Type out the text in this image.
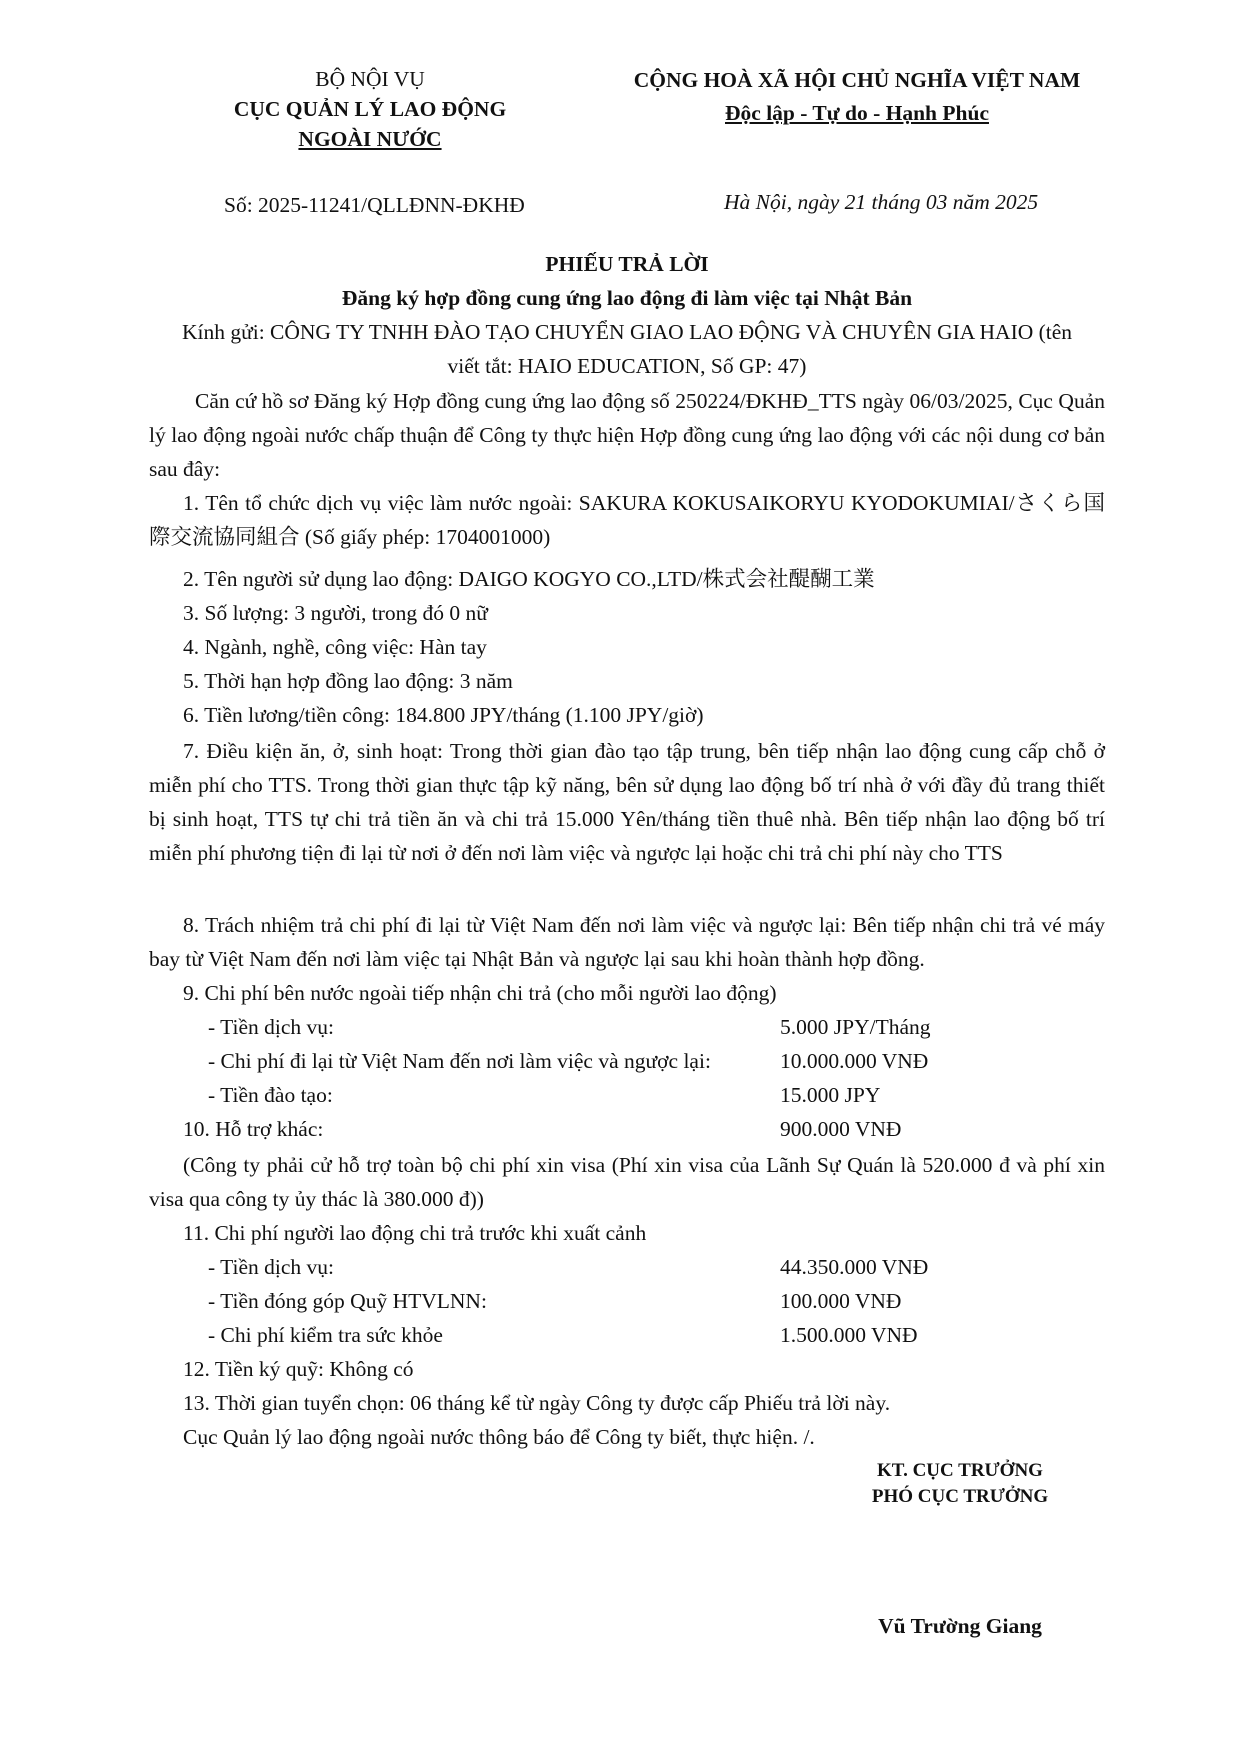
BỘ NỘI VỤ
CỤC QUẢN LÝ LAO ĐỘNG
NGOÀI NƯỚC
CỘNG HOÀ XÃ HỘI CHỦ NGHĨA VIỆT NAM
Độc lập - Tự do - Hạnh Phúc
Số: 2025-11241/QLLĐNN-ĐKHĐ	Hà Nội, ngày 21 tháng 03 năm 2025
PHIẾU TRẢ LỜI
Đăng ký hợp đồng cung ứng lao động đi làm việc tại Nhật Bản
Kính gửi: CÔNG TY TNHH ĐÀO TẠO CHUYỂN GIAO LAO ĐỘNG VÀ CHUYÊN GIA HAIO (tên
viết tắt: HAIO EDUCATION, Số GP: 47)
Căn cứ hồ sơ Đăng ký Hợp đồng cung ứng lao động số 250224/ĐKHĐ_TTS ngày 06/03/2025, Cục Quản lý lao động ngoài nước chấp thuận để Công ty thực hiện Hợp đồng cung ứng lao động với các nội dung cơ bản sau đây:
1. Tên tổ chức dịch vụ việc làm nước ngoài: SAKURA KOKUSAIKORYU KYODOKUMIAI/さくら国際交流協同組合 (Số giấy phép: 1704001000)
2. Tên người sử dụng lao động: DAIGO KOGYO CO.,LTD/株式会社醍醐工業
3. Số lượng: 3 người, trong đó 0 nữ
4. Ngành, nghề, công việc: Hàn tay
5. Thời hạn hợp đồng lao động: 3 năm
6. Tiền lương/tiền công: 184.800 JPY/tháng (1.100 JPY/giờ)
7. Điều kiện ăn, ở, sinh hoạt: Trong thời gian đào tạo tập trung, bên tiếp nhận lao động cung cấp chỗ ở miễn phí cho TTS. Trong thời gian thực tập kỹ năng, bên sử dụng lao động bố trí nhà ở với đầy đủ trang thiết bị sinh hoạt, TTS tự chi trả tiền ăn và chi trả 15.000 Yên/tháng tiền thuê nhà. Bên tiếp nhận lao động bố trí miễn phí phương tiện đi lại từ nơi ở đến nơi làm việc và ngược lại hoặc chi trả chi phí này cho TTS
8. Trách nhiệm trả chi phí đi lại từ Việt Nam đến nơi làm việc và ngược lại: Bên tiếp nhận chi trả vé máy bay từ Việt Nam đến nơi làm việc tại Nhật Bản và ngược lại sau khi hoàn thành hợp đồng.
9. Chi phí bên nước ngoài tiếp nhận chi trả (cho mỗi người lao động)
- Tiền dịch vụ:	5.000 JPY/Tháng
- Chi phí đi lại từ Việt Nam đến nơi làm việc và ngược lại:	10.000.000 VNĐ
- Tiền đào tạo:	15.000 JPY
10. Hỗ trợ khác:	900.000 VNĐ
(Công ty phải cử hỗ trợ toàn bộ chi phí xin visa (Phí xin visa của Lãnh Sự Quán là 520.000 đ và phí xin visa qua công ty ủy thác là 380.000 đ))
11. Chi phí người lao động chi trả trước khi xuất cảnh
- Tiền dịch vụ:	44.350.000 VNĐ
- Tiền đóng góp Quỹ HTVLNN:	100.000 VNĐ
- Chi phí kiểm tra sức khỏe	1.500.000 VNĐ
12. Tiền ký quỹ: Không có
13. Thời gian tuyển chọn: 06 tháng kể từ ngày Công ty được cấp Phiếu trả lời này.
Cục Quản lý lao động ngoài nước thông báo để Công ty biết, thực hiện. /.
KT. CỤC TRƯỞNG
PHÓ CỤC TRƯỞNG
Vũ Trường Giang
